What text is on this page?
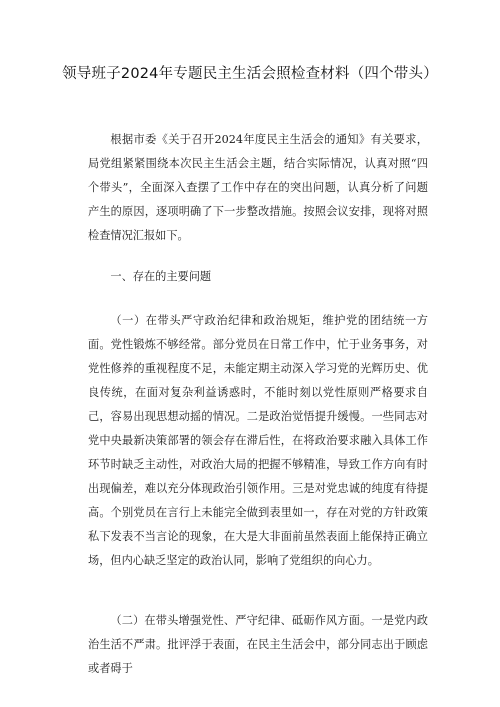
领导班子2024年专题民主生活会照检查材料（四个带头）

根据市委《关于召开2024年度民主生活会的通知》有关要求，局党组紧紧围绕本次民主生活会主题，结合实际情况，认真对照“四个带头”，全面深入查摆了工作中存在的突出问题，认真分析了问题产生的原因，逐项明确了下一步整改措施。按照会议安排，现将对照检查情况汇报如下。

一、存在的主要问题

（一）在带头严守政治纪律和政治规矩，维护党的团结统一方面。党性锻炼不够经常。部分党员在日常工作中，忙于业务事务，对党性修养的重视程度不足，未能定期主动深入学习党的光辉历史、优良传统，在面对复杂利益诱惑时，不能时刻以党性原则严格要求自己，容易出现思想动摇的情况。二是政治觉悟提升缓慢。一些同志对党中央最新决策部署的领会存在滞后性，在将政治要求融入具体工作环节时缺乏主动性，对政治大局的把握不够精准，导致工作方向有时出现偏差，难以充分体现政治引领作用。三是对党忠诚的纯度有待提高。个别党员在言行上未能完全做到表里如一，存在对党的方针政策私下发表不当言论的现象，在大是大非面前虽然表面上能保持正确立场，但内心缺乏坚定的政治认同，影响了党组织的向心力。

（二）在带头增强党性、严守纪律、砥砺作风方面。一是党内政治生活不严肃。批评浮于表面，在民主生活会中，部分同志出于顾虑或者碍于
